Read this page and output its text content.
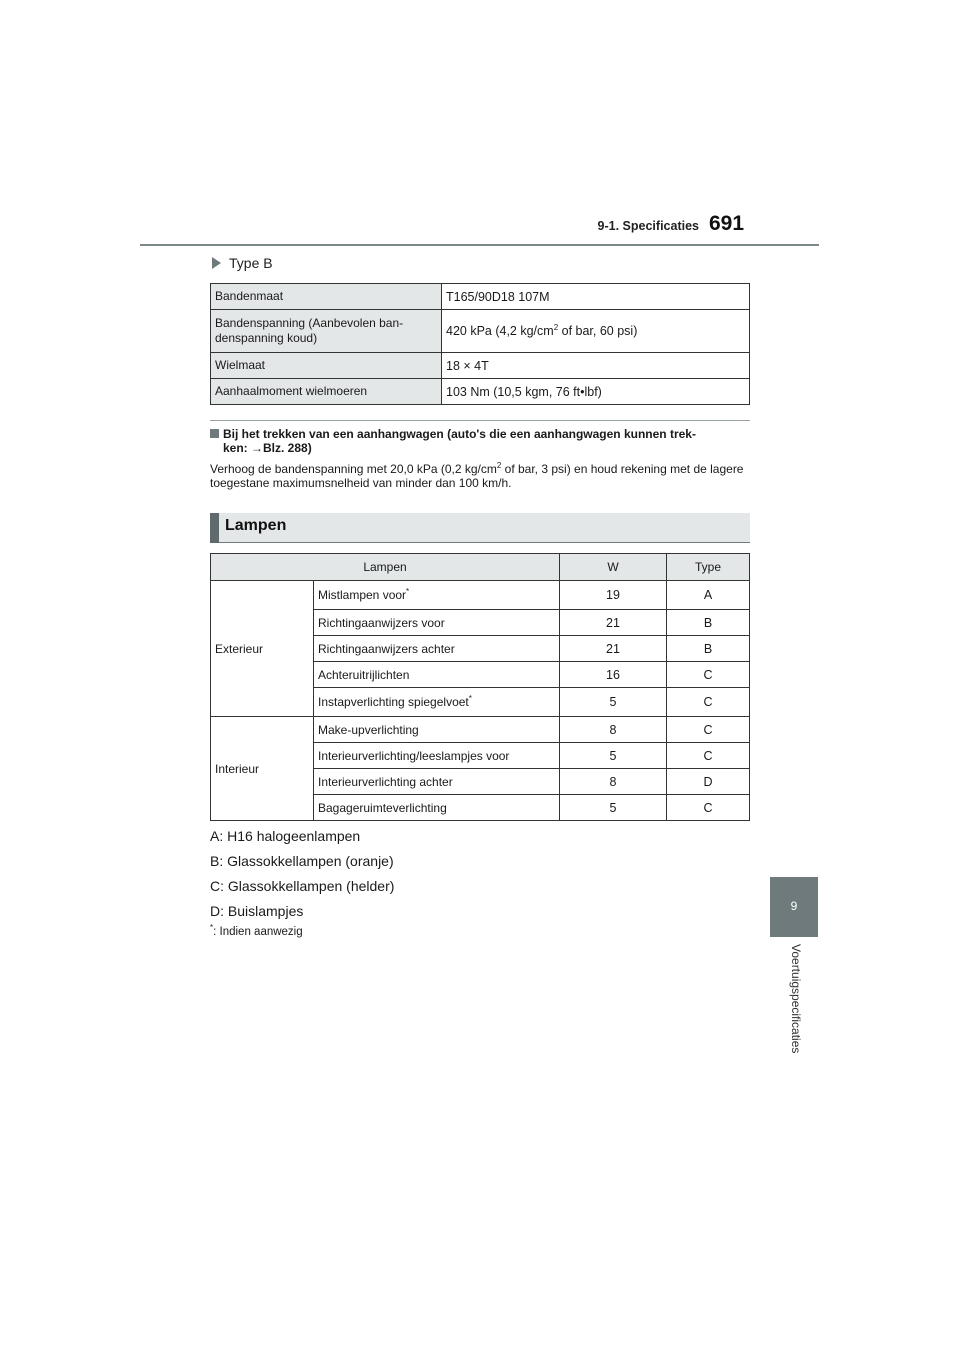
9-1. Specificaties 691
Type B
Bandenmaat	T165/90D18 107M
Bandenspanning (Aanbevolen ban-
denspanning koud)	420 kPa (4,2 $kg/cm^2$ of bar, 60 psi)
Wielmaat	18 × 4T
Aanhaalmoment wielmoeren	103 Nm (10,5 kgm, 76 ft•lbf)
Bij het trekken van een aanhangwagen (auto's die een aanhangwagen kunnen trek-
ken: →Blz. 288)
Verhoog de bandenspanning met 20,0 kPa (0,2 $kg/cm^2$ of bar, 3 psi) en houd rekening met de lagere toegestane maximumsnelheid van minder dan 100 km/h.
Lampen
Lampen		W	Type
Exterieur	Mistlampen voor*	19	A
	Richtingaanwijzers voor	21	B
	Richtingaanwijzers achter	21	B
	Achteruitrijlichten	16	C
	Instapverlichting spiegelvoet*	5	C
Interieur	Make-upverlichting	8	C
	Interieurverlichting/leeslampjes voor	5	C
	Interieurverlichting achter	8	D
	Bagageruimteverlichting	5	C
A: H16 halogeenlampen
B: Glassokkellampen (oranje)
C: Glassokkellampen (helder)
D: Buislampjes
*: Indien aanwezig
9
Voertuigspecificaties
